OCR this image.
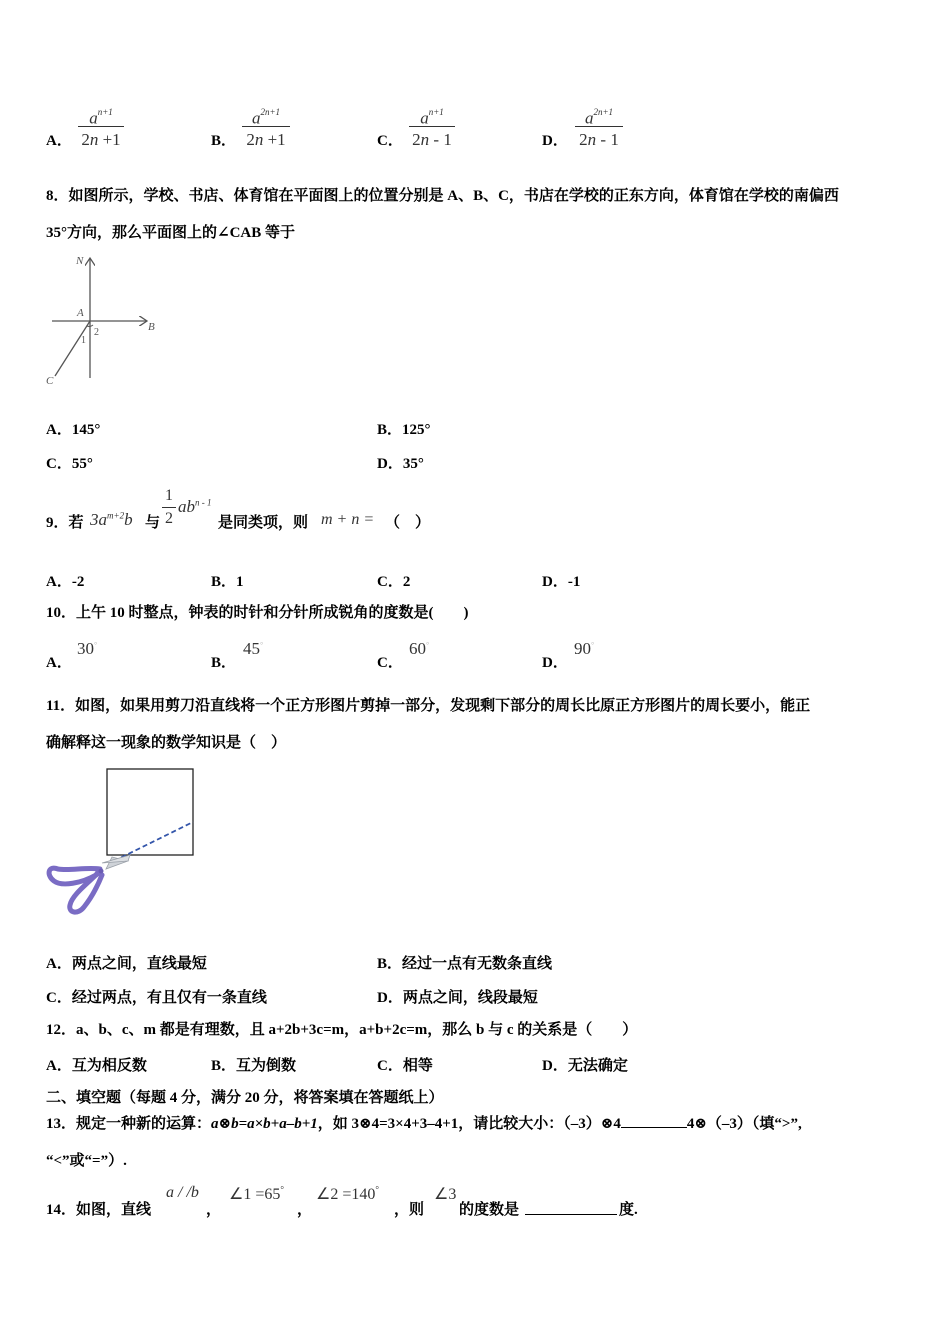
A．
$a^{n+1}$
2n +1	B．
$a^{2n+1}$
2n +1	C．
$a^{n+1}$
2n - 1	D．
$a^{2n+1}$
2n - 1
8．如图所示，学校、书店、体育馆在平面图上的位置分别是 A、B、C，书店在学校的正东方向，体育馆在学校的南偏西
35°方向，那么平面图上的∠CAB 等于
N
A
B
C
1
2
A．145°	B．125°
C．55°	D．35°
9．若 $3a^{m+2}b$ 与
1
2
$ab^{n - 1}$
是同类项，则 m + n = （　）
A．-2	B．1	C．2	D．-1
10．上午 10 时整点，钟表的时针和分针所成锐角的度数是(　　)
A．
30°
B．
45°
C．
60°
D．
90°
11．如图，如果用剪刀沿直线将一个正方形图片剪掉一部分，发现剩下部分的周长比原正方形图片的周长要小，能正
确解释这一现象的数学知识是（　）
A．两点之间，直线最短	B．经过一点有无数条直线
C．经过两点，有且仅有一条直线	D．两点之间，线段最短
12．a、b、c、m 都是有理数，且 a+2b+3c=m，a+b+2c=m，那么 b 与 c 的关系是（　　）
A．互为相反数	B．互为倒数	C．相等	D．无法确定
二、填空题（每题 4 分，满分 20 分，将答案填在答题纸上）
13．规定一种新的运算：a⊗b=a×b+a–b+1，如 3⊗4=3×4+3–4+1，请比较大小：（–3）⊗4	4⊗（–3）（填“>”,
“<”或“=”）.
14．如图，直线
a / /b
，
∠1 =65°
，
∠2 =140°
，则
∠3
的度数是	度.
